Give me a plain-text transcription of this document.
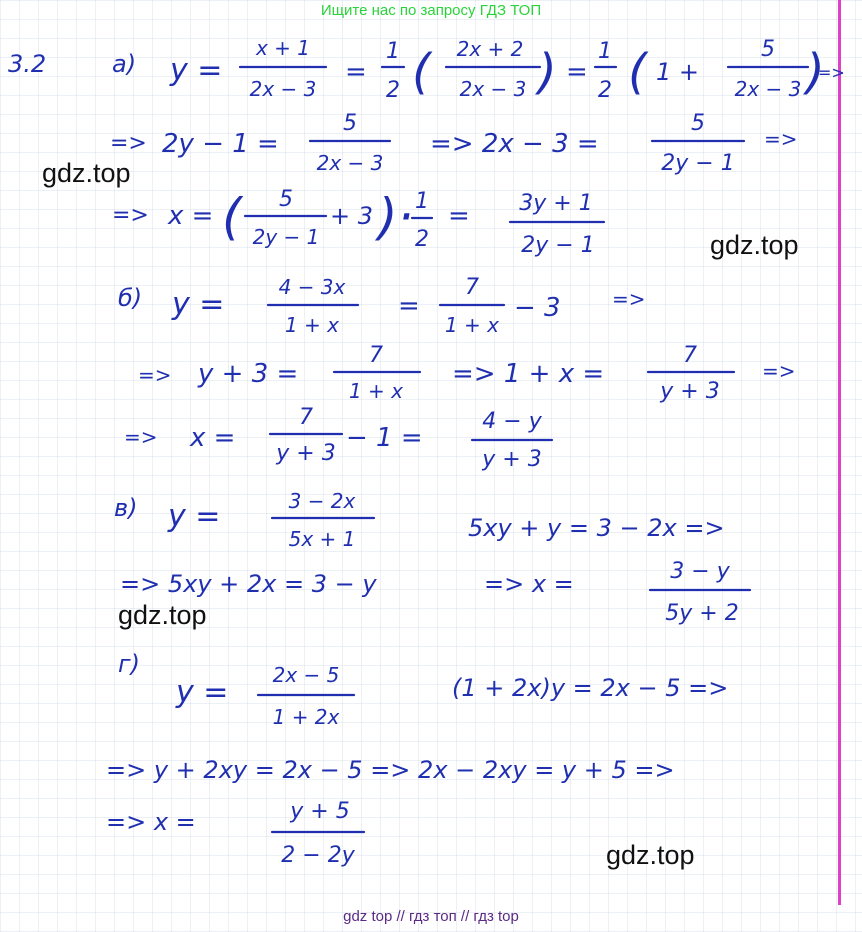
Ищите нас по запросу ГДЗ ТОП
gdz.top
gdz.top
gdz.top
gdz.top
3.2	а) y =
x + 1
2x − 3
=
1
2 ( 2x + 2
2x − 3 ) =
1
2 ( 1 +
5
2x − 3 )
=>
=> 2y − 1 =
5
2x − 3
=> 2x − 3 =
5
2y − 1
=>
=> x = ( 5
2y − 1
+ 3 )· 1
2
= 3y + 1
2y − 1
б) y =	4 − 3x
1 + x
=
7
1 + x
− 3	=>
=> y + 3 =
7
1 + x
=> 1 + x =
7
y + 3
=>
=> x =
7
y + 3
− 1 =
4 − y
y + 3
в) y =	3 − 2x
5x + 1	5xy + y = 3 − 2x =>
=> 5xy + 2x = 3 − y	=> x =	3 − y
5y + 2
г)
y = 2x − 5
1 + 2x
(1 + 2x)y = 2x − 5 =>
=> y + 2xy = 2x − 5 => 2x − 2xy = y + 5 =>
=> x =	y + 5
2 − 2y
gdz top // гдз топ // гдз top
